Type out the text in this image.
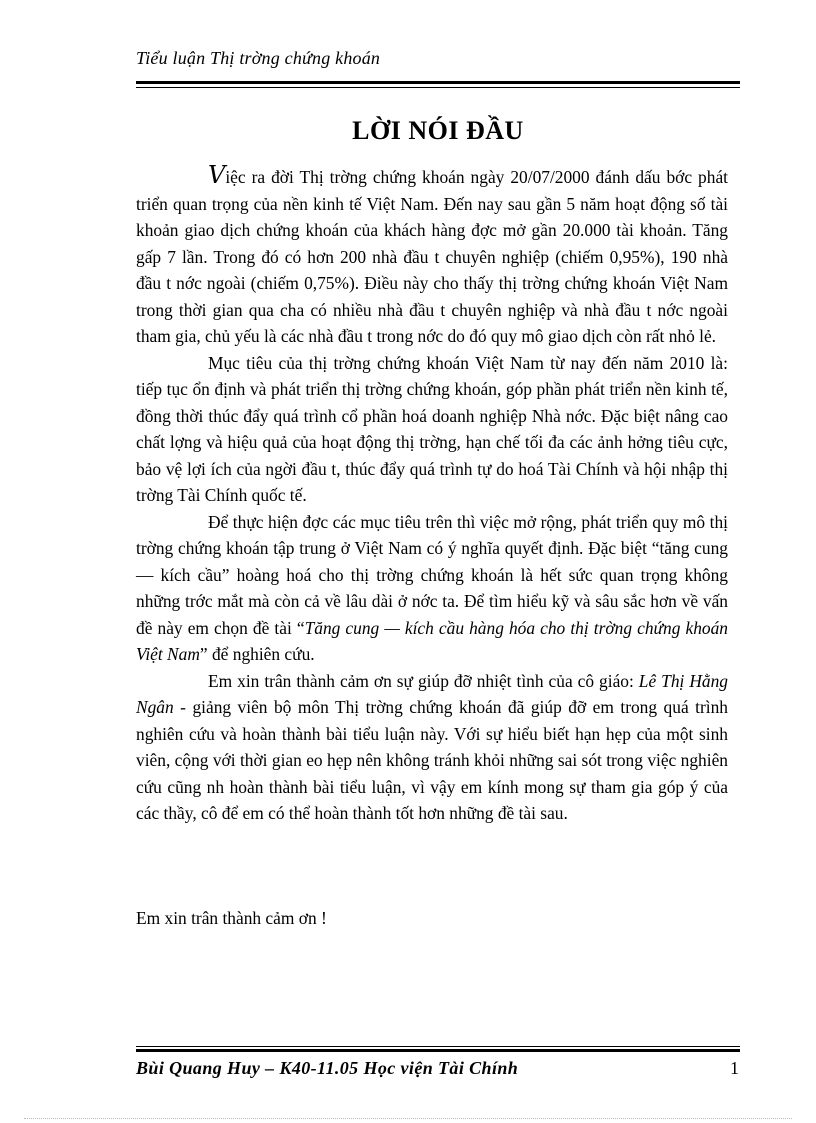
Tiểu luận Thị trờng chứng khoán
LỜI NÓI ĐẦU

Việc ra đời Thị trờng chứng khoán ngày 20/07/2000 đánh dấu bớc phát triển quan trọng của nền kinh tế Việt Nam. Đến nay sau gần 5 năm hoạt động số tài khoản giao dịch chứng khoán của khách hàng đợc mở gần 20.000 tài khoản. Tăng gấp 7 lần. Trong đó có hơn 200 nhà đầu t chuyên nghiệp (chiếm 0,95%), 190 nhà đầu t nớc ngoài (chiếm 0,75%). Điều này cho thấy thị trờng chứng khoán Việt Nam trong thời gian qua cha có nhiều nhà đầu t chuyên nghiệp và nhà đầu t nớc ngoài tham gia, chủ yếu là các nhà đầu t trong nớc do đó quy mô giao dịch còn rất nhỏ lẻ.

Mục tiêu của thị trờng chứng khoán Việt Nam từ nay đến năm 2010 là: tiếp tục ổn định và phát triển thị trờng chứng khoán, góp phần phát triển nền kinh tế, đồng thời thúc đẩy quá trình cổ phần hoá doanh nghiệp Nhà nớc. Đặc biệt nâng cao chất lợng và hiệu quả của hoạt động thị trờng, hạn chế tối đa các ảnh hởng tiêu cực, bảo vệ lợi ích của ngời đầu t, thúc đẩy quá trình tự do hoá Tài Chính và hội nhập thị trờng Tài Chính quốc tế.

Để thực hiện đợc các mục tiêu trên thì việc mở rộng, phát triển quy mô thị trờng chứng khoán tập trung ở Việt Nam có ý nghĩa quyết định. Đặc biệt “tăng cung — kích cầu” hoàng hoá cho thị trờng chứng khoán là hết sức quan trọng không những trớc mắt mà còn cả về lâu dài ở nớc ta. Để tìm hiểu kỹ và sâu sắc hơn về vấn đề này em chọn đề tài “Tăng cung — kích cầu hàng hóa cho thị trờng chứng khoán Việt Nam” để nghiên cứu.

Em xin trân thành cảm ơn sự giúp đỡ nhiệt tình của cô giáo: Lê Thị Hằng Ngân - giảng viên bộ môn Thị trờng chứng khoán đã giúp đỡ em trong quá trình nghiên cứu và hoàn thành bài tiểu luận này. Với sự hiểu biết hạn hẹp của một sinh viên, cộng với thời gian eo hẹp nên không tránh khỏi những sai sót trong việc nghiên cứu cũng nh hoàn thành bài tiểu luận, vì vậy em kính mong sự tham gia góp ý của các thầy, cô để em có thể hoàn thành tốt hơn những đề tài sau.

Em xin trân thành cảm ơn !
Bùi Quang Huy – K40-11.05 Học viện Tài Chính	1
